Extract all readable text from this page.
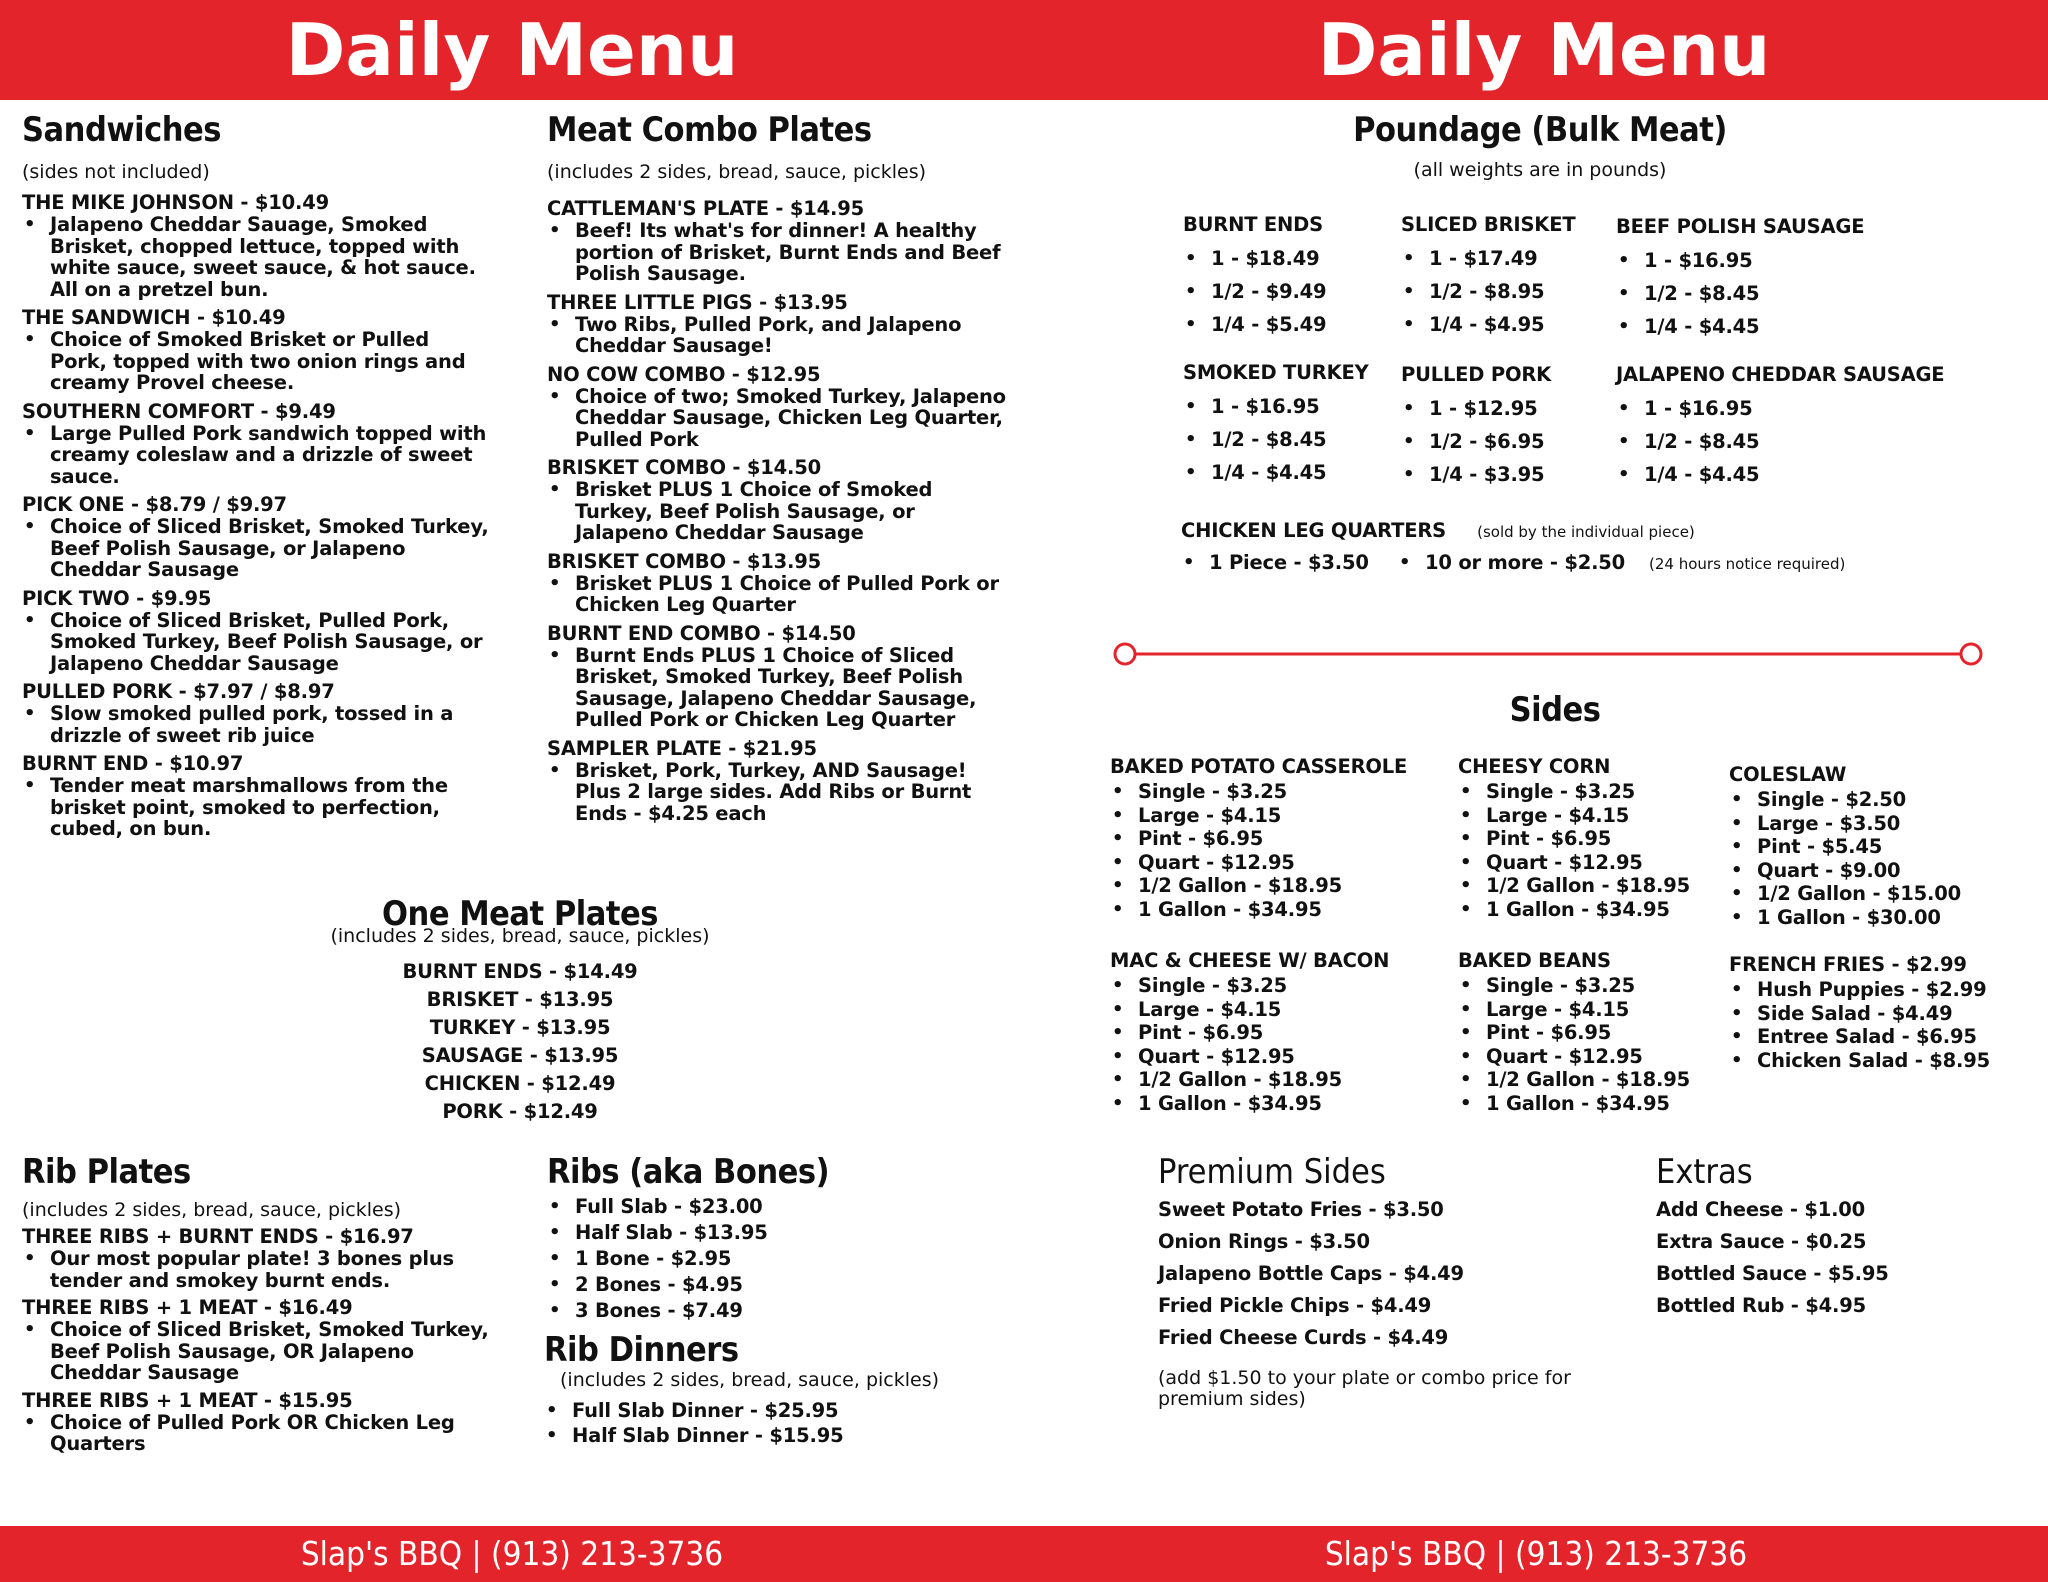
Daily Menu	Daily Menu
Slap's BBQ | (913) 213-3736	Slap's BBQ | (913) 213-3736
Sandwiches
(sides not included)
THE MIKE JOHNSON - $10.49
• Jalapeno Cheddar Sauage, Smoked Brisket, chopped lettuce, topped with white sauce, sweet sauce, & hot sauce. All on a pretzel bun.
THE SANDWICH - $10.49
• Choice of Smoked Brisket or Pulled Pork, topped with two onion rings and creamy Provel cheese.
SOUTHERN COMFORT - $9.49
• Large Pulled Pork sandwich topped with creamy coleslaw and a drizzle of sweet sauce.
PICK ONE - $8.79 / $9.97
• Choice of Sliced Brisket, Smoked Turkey, Beef Polish Sausage, or Jalapeno Cheddar Sausage
PICK TWO - $9.95
• Choice of Sliced Brisket, Pulled Pork, Smoked Turkey, Beef Polish Sausage, or Jalapeno Cheddar Sausage
PULLED PORK - $7.97 / $8.97
• Slow smoked pulled pork, tossed in a drizzle of sweet rib juice
BURNT END - $10.97
• Tender meat marshmallows from the brisket point, smoked to perfection, cubed, on bun.
Meat Combo Plates
(includes 2 sides, bread, sauce, pickles)
CATTLEMAN'S PLATE - $14.95
• Beef! Its what's for dinner! A healthy portion of Brisket, Burnt Ends and Beef Polish Sausage.
THREE LITTLE PIGS - $13.95
• Two Ribs, Pulled Pork, and Jalapeno Cheddar Sausage!
NO COW COMBO - $12.95
• Choice of two; Smoked Turkey, Jalapeno Cheddar Sausage, Chicken Leg Quarter, Pulled Pork
BRISKET COMBO - $14.50
• Brisket PLUS 1 Choice of Smoked Turkey, Beef Polish Sausage, or Jalapeno Cheddar Sausage
BRISKET COMBO - $13.95
• Brisket PLUS 1 Choice of Pulled Pork or Chicken Leg Quarter
BURNT END COMBO - $14.50
• Burnt Ends PLUS 1 Choice of Sliced Brisket, Smoked Turkey, Beef Polish Sausage, Jalapeno Cheddar Sausage, Pulled Pork or Chicken Leg Quarter
SAMPLER PLATE - $21.95
• Brisket, Pork, Turkey, AND Sausage! Plus 2 large sides. Add Ribs or Burnt Ends - $4.25 each
One Meat Plates
(includes 2 sides, bread, sauce, pickles)
BURNT ENDS - $14.49
BRISKET - $13.95
TURKEY - $13.95
SAUSAGE - $13.95
CHICKEN - $12.49
PORK - $12.49
Rib Plates
(includes 2 sides, bread, sauce, pickles)
THREE RIBS + BURNT ENDS - $16.97
• Our most popular plate! 3 bones plus tender and smokey burnt ends.
THREE RIBS + 1 MEAT - $16.49
• Choice of Sliced Brisket, Smoked Turkey, Beef Polish Sausage, OR Jalapeno Cheddar Sausage
THREE RIBS + 1 MEAT - $15.95
• Choice of Pulled Pork OR Chicken Leg Quarters
Ribs (aka Bones)
• Full Slab - $23.00
• Half Slab - $13.95
• 1 Bone - $2.95
• 2 Bones - $4.95
• 3 Bones - $7.49
Rib Dinners
(includes 2 sides, bread, sauce, pickles)
• Full Slab Dinner - $25.95
• Half Slab Dinner - $15.95
Poundage (Bulk Meat)
(all weights are in pounds)
BURNT ENDS
• 1 - $18.49
• 1/2 - $9.49
• 1/4 - $5.49
SLICED BRISKET
• 1 - $17.49
• 1/2 - $8.95
• 1/4 - $4.95
BEEF POLISH SAUSAGE
• 1 - $16.95
• 1/2 - $8.45
• 1/4 - $4.45
SMOKED TURKEY
• 1 - $16.95
• 1/2 - $8.45
• 1/4 - $4.45
PULLED PORK
• 1 - $12.95
• 1/2 - $6.95
• 1/4 - $3.95
JALAPENO CHEDDAR SAUSAGE
• 1 - $16.95
• 1/2 - $8.45
• 1/4 - $4.45
CHICKEN LEG QUARTERS (sold by the individual piece)
• 1 Piece - $3.50
•	10 or more - $2.50 (24 hours notice required)
Sides
BAKED POTATO CASSEROLE
• Single - $3.25
• Large - $4.15
• Pint - $6.95
• Quart - $12.95
• 1/2 Gallon - $18.95
• 1 Gallon - $34.95
CHEESY CORN
• Single - $3.25
• Large - $4.15
• Pint - $6.95
• Quart - $12.95
• 1/2 Gallon - $18.95
• 1 Gallon - $34.95
COLESLAW
• Single - $2.50
• Large - $3.50
• Pint - $5.45
• Quart - $9.00
• 1/2 Gallon - $15.00
• 1 Gallon - $30.00
MAC & CHEESE W/ BACON
• Single - $3.25
• Large - $4.15
• Pint - $6.95
• Quart - $12.95
• 1/2 Gallon - $18.95
• 1 Gallon - $34.95
BAKED BEANS
• Single - $3.25
• Large - $4.15
• Pint - $6.95
• Quart - $12.95
• 1/2 Gallon - $18.95
• 1 Gallon - $34.95
FRENCH FRIES - $2.99
• Hush Puppies - $2.99
• Side Salad - $4.49
• Entree Salad - $6.95
• Chicken Salad - $8.95
Premium Sides
Sweet Potato Fries - $3.50
Onion Rings - $3.50
Jalapeno Bottle Caps - $4.49
Fried Pickle Chips - $4.49
Fried Cheese Curds - $4.49
(add $1.50 to your plate or combo price for premium sides)
Extras
Add Cheese - $1.00
Extra Sauce - $0.25
Bottled Sauce - $5.95
Bottled Rub - $4.95
